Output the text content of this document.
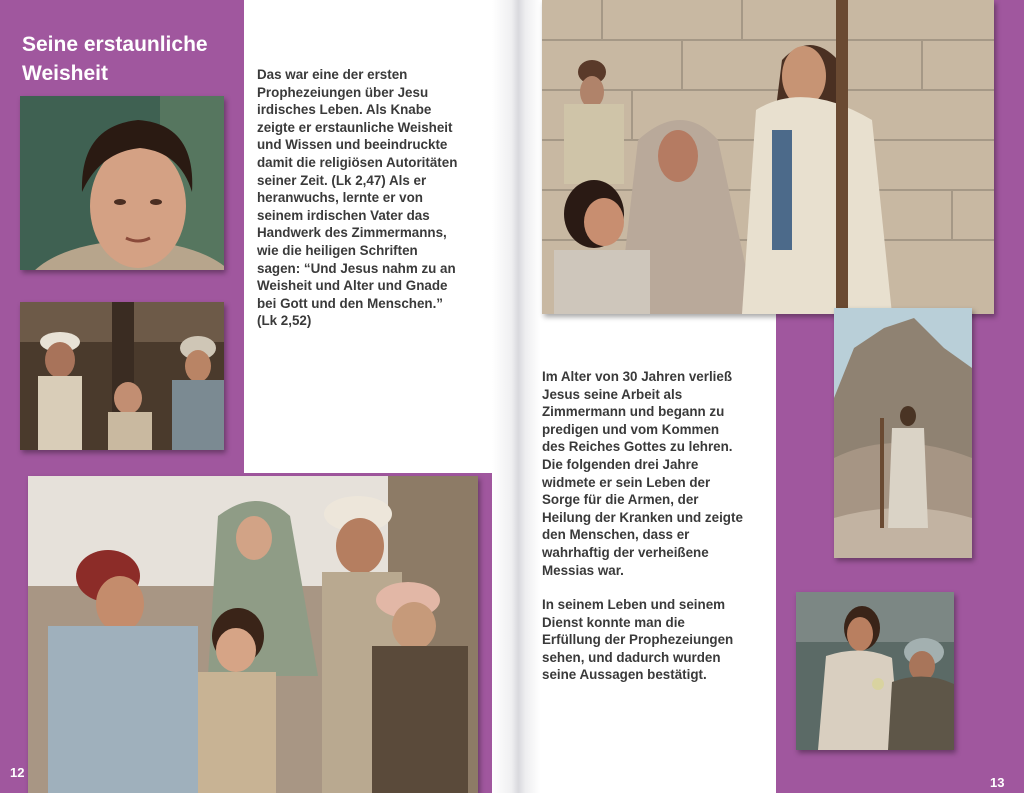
Seine erstaunliche Weisheit	Das war eine der ersten
Prophezeiungen über Jesu
irdisches Leben. Als Knabe
zeigte er erstaunliche Weisheit
und Wissen und beeindruckte
damit die religiösen Autoritäten
seiner Zeit. (Lk 2,47) Als er
heranwuchs, lernte er von
seinem irdischen Vater das
Handwerk des Zimmermanns,
wie die heiligen Schriften
sagen: “Und Jesus nahm zu an
Weisheit und Alter und Gnade
bei Gott und den Menschen.”
(Lk 2,52)

12

Im Alter von 30 Jahren verließ
Jesus seine Arbeit als
Zimmermann und begann zu
predigen und vom Kommen
des Reiches Gottes zu lehren.
Die folgenden drei Jahre
widmete er sein Leben der
Sorge für die Armen, der
Heilung der Kranken und zeigte
den Menschen, dass er
wahrhaftig der verheißene
Messias war.

In seinem Leben und seinem
Dienst konnte man die
Erfüllung der Prophezeiungen
sehen, und dadurch wurden
seine Aussagen bestätigt.

13
